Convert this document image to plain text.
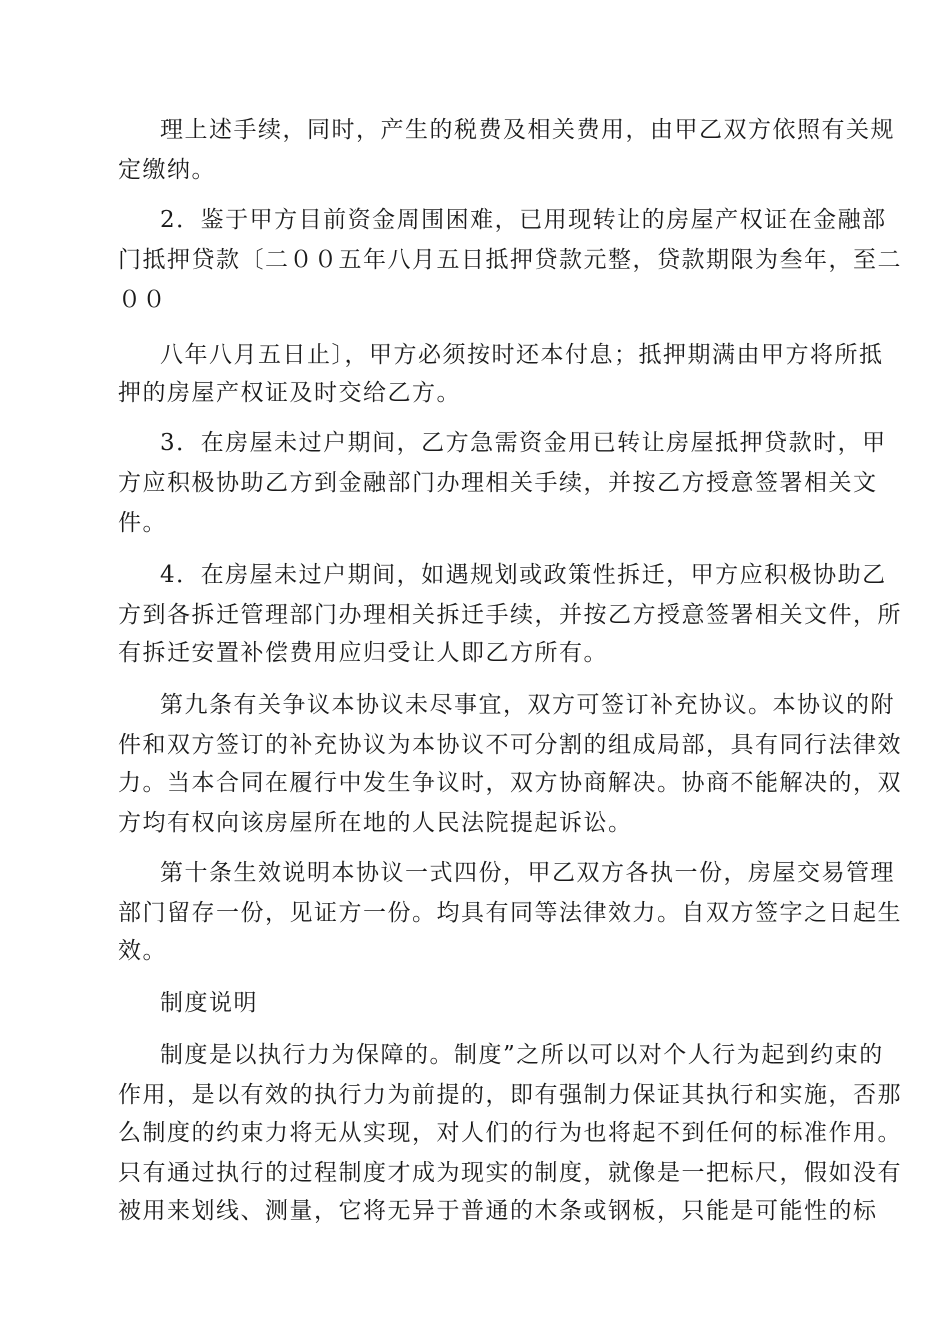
理上述手续，同时，产生的税费及相关费用，由甲乙双方依照有关规

定缴纳。

2．鉴于甲方目前资金周围困难，已用现转让的房屋产权证在金融部

门抵押贷款〔二００五年八月五日抵押贷款元整，贷款期限为叁年，至二

００

八年八月五日止〕，甲方必须按时还本付息；抵押期满由甲方将所抵

押的房屋产权证及时交给乙方。

3．在房屋未过户期间，乙方急需资金用已转让房屋抵押贷款时，甲

方应积极协助乙方到金融部门办理相关手续，并按乙方授意签署相关文

件。

4．在房屋未过户期间，如遇规划或政策性拆迁，甲方应积极协助乙

方到各拆迁管理部门办理相关拆迁手续，并按乙方授意签署相关文件，所

有拆迁安置补偿费用应归受让人即乙方所有。

第九条有关争议本协议未尽事宜，双方可签订补充协议。本协议的附

件和双方签订的补充协议为本协议不可分割的组成局部，具有同行法律效

力。当本合同在履行中发生争议时，双方协商解决。协商不能解决的，双

方均有权向该房屋所在地的人民法院提起诉讼。

第十条生效说明本协议一式四份，甲乙双方各执一份，房屋交易管理

部门留存一份，见证方一份。均具有同等法律效力。自双方签字之日起生

效。

制度说明

制度是以执行力为保障的。制度”之所以可以对个人行为起到约束的

作用，是以有效的执行力为前提的，即有强制力保证其执行和实施，否那

么制度的约束力将无从实现，对人们的行为也将起不到任何的标准作用。

只有通过执行的过程制度才成为现实的制度，就像是一把标尺，假如没有

被用来划线、测量，它将无异于普通的木条或钢板，只能是可能性的标
